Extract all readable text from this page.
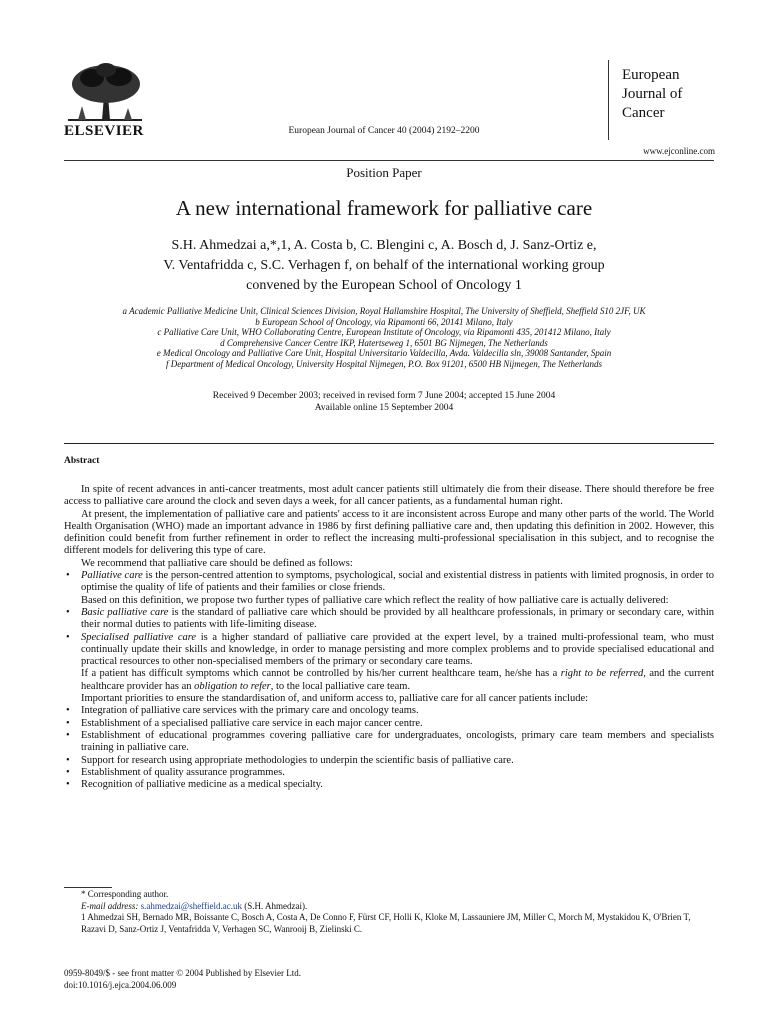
ELSEVIER	European Journal of Cancer 40 (2004) 2192–2200
European
Journal of
Cancer
www.ejconline.com
Position Paper
A new international framework for palliative care
S.H. Ahmedzai a,*,1, A. Costa b, C. Blengini c, A. Bosch d, J. Sanz-Ortiz e,
V. Ventafridda c, S.C. Verhagen f, on behalf of the international working group
convened by the European School of Oncology 1
a Academic Palliative Medicine Unit, Clinical Sciences Division, Royal Hallamshire Hospital, The University of Sheffield, Sheffield S10 2JF, UK
b European School of Oncology, via Ripamonti 66, 20141 Milano, Italy
c Palliative Care Unit, WHO Collaborating Centre, European Institute of Oncology, via Ripamonti 435, 201412 Milano, Italy
d Comprehensive Cancer Centre IKP, Hatertseweg 1, 6501 BG Nijmegen, The Netherlands
e Medical Oncology and Palliative Care Unit, Hospital Universitario Valdecilla, Avda. Valdecilla sln, 39008 Santander, Spain
f Department of Medical Oncology, University Hospital Nijmegen, P.O. Box 91201, 6500 HB Nijmegen, The Netherlands
Received 9 December 2003; received in revised form 7 June 2004; accepted 15 June 2004
Available online 15 September 2004
Abstract

In spite of recent advances in anti-cancer treatments, most adult cancer patients still ultimately die from their disease. There should therefore be free access to palliative care around the clock and seven days a week, for all cancer patients, as a fundamental human right.

At present, the implementation of palliative care and patients' access to it are inconsistent across Europe and many other parts of the world. The World Health Organisation (WHO) made an important advance in 1986 by first defining palliative care and, then updating this definition in 2002. However, this definition could benefit from further refinement in order to reflect the increasing multi-professional specialisation in this subject, and to recognise the different models for delivering this type of care.

We recommend that palliative care should be defined as follows:

• Palliative care is the person-centred attention to symptoms, psychological, social and existential distress in patients with limited prognosis, in order to optimise the quality of life of patients and their families or close friends.
Based on this definition, we propose two further types of palliative care which reflect the reality of how palliative care is actually delivered:
• Basic palliative care is the standard of palliative care which should be provided by all healthcare professionals, in primary or secondary care, within their normal duties to patients with life-limiting disease.
• Specialised palliative care is a higher standard of palliative care provided at the expert level, by a trained multi-professional team, who must continually update their skills and knowledge, in order to manage persisting and more complex problems and to provide specialised educational and practical resources to other non-specialised members of the primary or secondary care teams.
If a patient has difficult symptoms which cannot be controlled by his/her current healthcare team, he/she has a right to be referred, and the current healthcare provider has an obligation to refer, to the local palliative care team.
Important priorities to ensure the standardisation of, and uniform access to, palliative care for all cancer patients include:
• Integration of palliative care services with the primary care and oncology teams.
• Establishment of a specialised palliative care service in each major cancer centre.
• Establishment of educational programmes covering palliative care for undergraduates, oncologists, primary care team members and specialists training in palliative care.
• Support for research using appropriate methodologies to underpin the scientific basis of palliative care.
• Establishment of quality assurance programmes.
• Recognition of palliative medicine as a medical specialty.
* Corresponding author.
E-mail address: s.ahmedzai@sheffield.ac.uk (S.H. Ahmedzai).
1 Ahmedzai SH, Bernado MR, Boissante C, Bosch A, Costa A, De Conno F, Fürst CF, Holli K, Kloke M, Lassauniere JM, Miller C, Morch M, Mystakidou K, O'Brien T, Razavi D, Sanz-Ortiz J, Ventafridda V, Verhagen SC, Wanrooij B, Zielinski C.
0959-8049/$ - see front matter © 2004 Published by Elsevier Ltd.
doi:10.1016/j.ejca.2004.06.009
